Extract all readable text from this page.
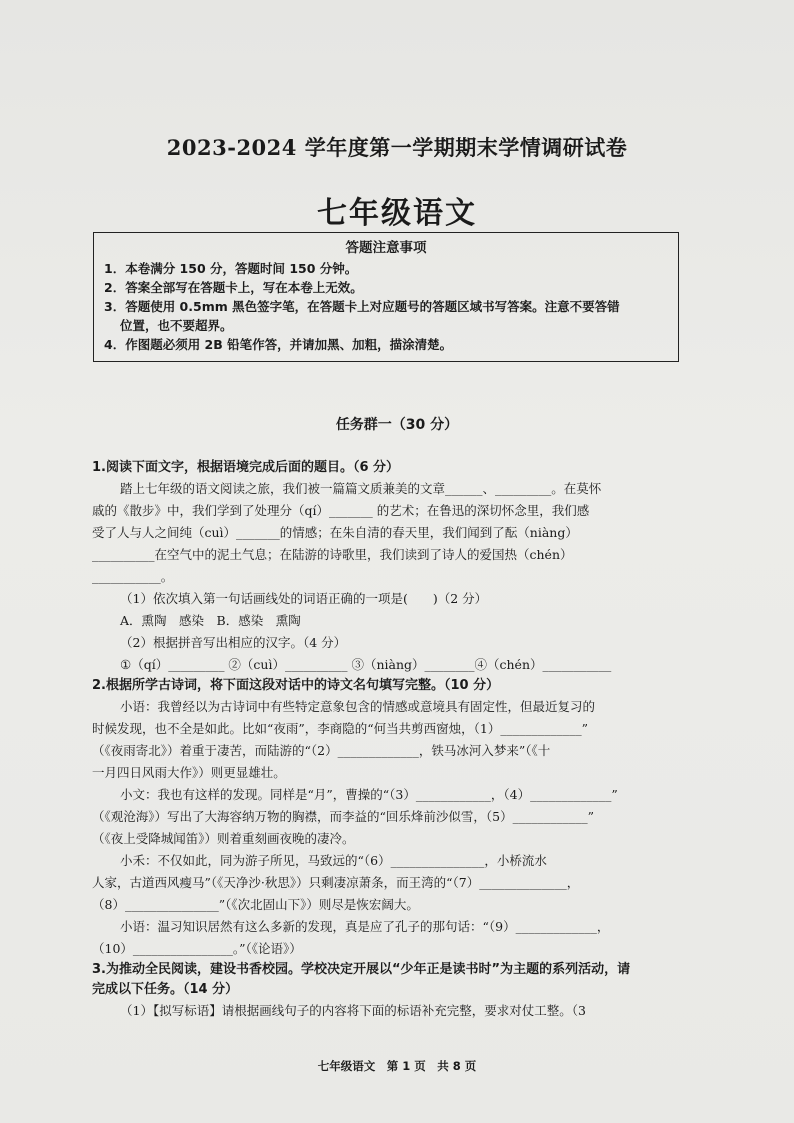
2023-2024 学年度第一学期期末学情调研试卷
七年级语文
答题注意事项

1．本卷满分 150 分，答题时间 150 分钟。

2．答案全部写在答题卡上，写在本卷上无效。

3．答题使用 0.5mm 黑色签字笔，在答题卡上对应题号的答题区域书写答案。注意不要答错

位置，也不要超界。

4．作图题必须用 2B 铅笔作答，并请加黑、加粗，描涂清楚。

任务群一（30 分）

1.阅读下面文字，根据语境完成后面的题目。（6 分）

踏上七年级的语文阅读之旅，我们被一篇篇文质兼美的文章______、_________。在莫怀

戚的《散步》中，我们学到了处理分（qí）_______ 的艺术；在鲁迅的深切怀念里，我们感

受了人与人之间纯（cuì）_______的情感；在朱自清的春天里，我们闻到了酝（niàng）

__________在空气中的泥土气息；在陆游的诗歌里，我们读到了诗人的爱国热（chén）

___________。

（1）依次填入第一句话画线处的词语正确的一项是(　　)（2 分）

A．熏陶　感染　B．感染　熏陶

（2）根据拼音写出相应的汉字。（4 分）

①（qí）_________ ②（cuì）__________ ③（niàng）________④（chén）___________

2.根据所学古诗词，将下面这段对话中的诗文名句填写完整。（10 分）

小语：我曾经以为古诗词中有些特定意象包含的情感或意境具有固定性，但最近复习的

时候发现，也不全是如此。比如“夜雨”，李商隐的“何当共剪西窗烛，（1）_____________”

（《夜雨寄北》）着重于凄苦，而陆游的“（2）_____________，铁马冰河入梦来”（《十

一月四日风雨大作》）则更显雄壮。

小文：我也有这样的发现。同样是“月”，曹操的“（3）____________，（4）_____________”

（《观沧海》）写出了大海容纳万物的胸襟，而李益的“回乐烽前沙似雪，（5）____________”

（《夜上受降城闻笛》）则着重刻画夜晚的凄冷。

小禾：不仅如此，同为游子所见，马致远的“（6）_______________，小桥流水

人家，古道西风瘦马”（《天净沙·秋思》）只剩凄凉萧条，而王湾的“（7）______________，

（8）_______________”（《次北固山下》）则尽是恢宏阔大。

小语：温习知识居然有这么多新的发现，真是应了孔子的那句话：“（9）_____________，

（10）________________。”（《论语》）

3.为推动全民阅读，建设书香校园。学校决定开展以“少年正是读书时”为主题的系列活动，请

完成以下任务。（14 分）

（1）【拟写标语】请根据画线句子的内容将下面的标语补充完整，要求对仗工整。（3

七年级语文　第 1 页　共 8 页
